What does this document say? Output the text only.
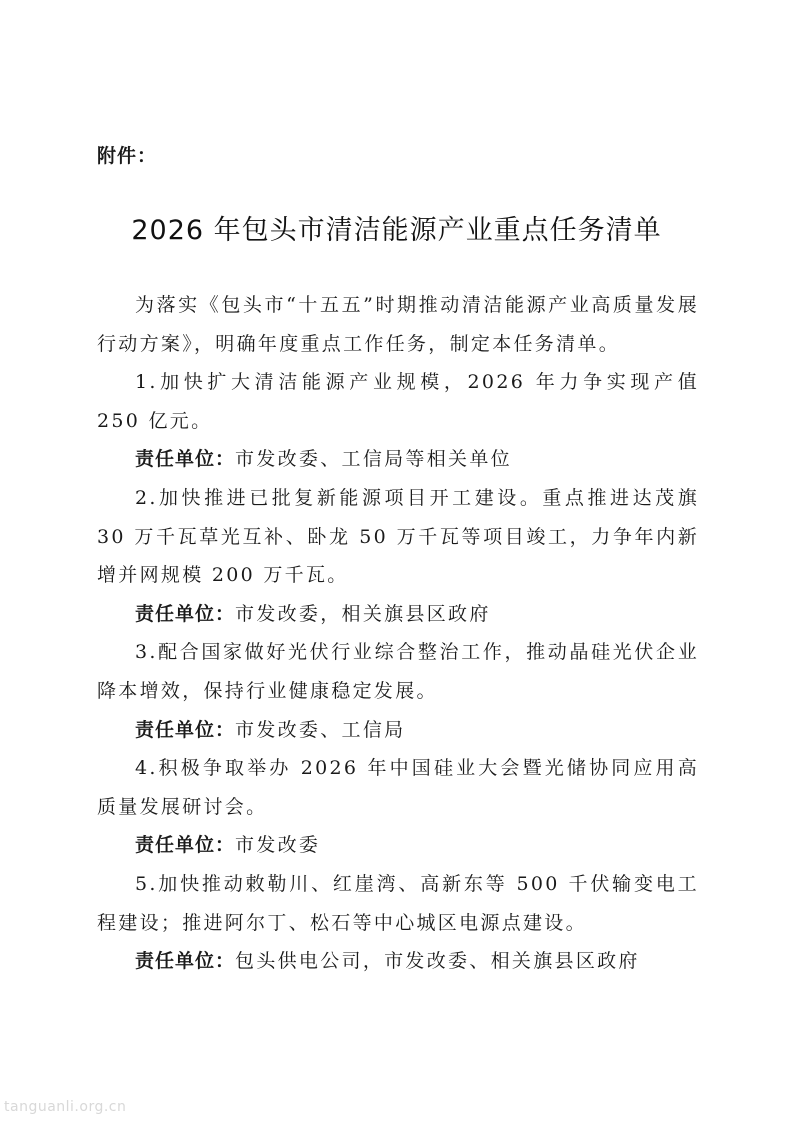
附件：
2026 年包头市清洁能源产业重点任务清单

为落实《包头市“十五五”时期推动清洁能源产业高质量发展行动方案》，明确年度重点工作任务，制定本任务清单。

1.加快扩大清洁能源产业规模，2026 年力争实现产值 250 亿元。

责任单位：市发改委、工信局等相关单位

2.加快推进已批复新能源项目开工建设。重点推进达茂旗 30 万千瓦草光互补、卧龙 50 万千瓦等项目竣工，力争年内新增并网规模 200 万千瓦。

责任单位：市发改委，相关旗县区政府

3.配合国家做好光伏行业综合整治工作，推动晶硅光伏企业降本增效，保持行业健康稳定发展。

责任单位：市发改委、工信局

4.积极争取举办 2026 年中国硅业大会暨光储协同应用高质量发展研讨会。

责任单位：市发改委

5.加快推动敕勒川、红崖湾、高新东等 500 千伏输变电工程建设；推进阿尔丁、松石等中心城区电源点建设。

责任单位：包头供电公司，市发改委、相关旗县区政府

tanguanli.org.cn
